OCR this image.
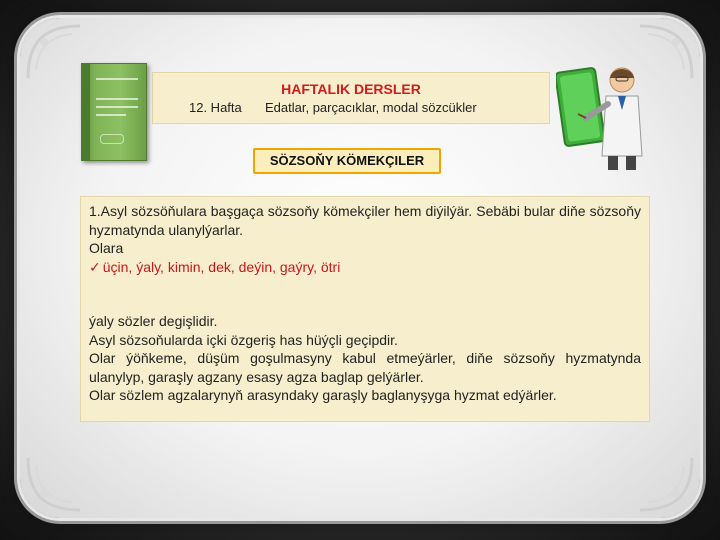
HAFTALIK DERSLER
12. Hafta Edatlar, parçacıklar, modal sözcükler
SÖZSOŇY KÖMEKÇILER

1.Asyl sözsöňulara başgaça sözsoňy kömekçiler hem diýilýär. Sebäbi bular diňe sözsoňy hyzmatynda ulanylýarlar.

Olara

✓ üçin, ýaly, kimin, dek, deýin, gaýry, ötri

ýaly sözler degişlidir.

Asyl sözsoňularda içki özgeriş has hüýçli geçipdir.

Olar ýöňkeme, düşüm goşulmasyny kabul etmeýärler, diňe sözsoňy hyzmatynda ulanylyp, garaşly agzany esasy agza baglap gelýärler.

Olar sözlem agzalarynyň arasyndaky garaşly baglanyşyga hyzmat edýärler.
